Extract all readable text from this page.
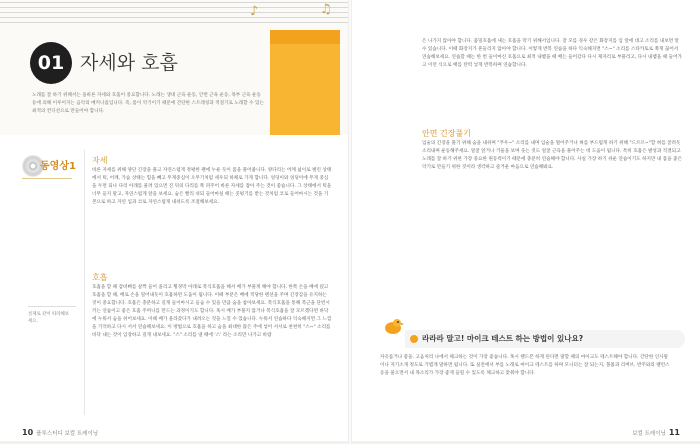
♪	♫
01 자세와 호흡

노래를 잘 하기 위해서는 올바른 자세와 호흡이 중요합니다. 노래는 생대 근육 운동, 안면 근육 운동, 목부 근육 운동 등에 의해 이루어지는 음악의 매커니즘입니다. 즉, 몸이 악기이기 때문에 간단한 스트레칭과 적절기로 노래할 수 있는 최적의 컨디션으로 만들어야 합니다.

동영상1

실제로 같이 따라해보세요.

자세

바른 자세를 위해 양단 긴장을 풀고 자연스럽게 정평한 팬에 누운 듯이 몸을 풀어줍니다. 양다리는 어깨 넓이로 벌린 상태에서 턱, 어깨, 가슴 상태는 힘을 빼고 무게중심이 오무기처럼 세우되 하체로 가게 합니다. 엉덩이와 엉덩이에 무게 중심을 두면 되나 다리 아래를 물려 있으면 진 뒤의 다리를 쭉 펴주어 바른 자세를 잡아 주는 것이 좋습니다. 그 상태에서 턱을 너무 들지 말고, 자연스럽게 앞을 보세요. 숨은 빨리 쉬되 들어마실 때는 콧평기를 받는 것처럼 코로 들어마시는 것을 기본으로 하고 자연 입과 코로 자연스럽게 내쉬도록 조절해보세요.

호흡

호흡을 할 때 갑비뼈를 살짝 들어 올리고 횡경막 아래로 복식호흡을 해서 배가 부풀게 해야 합니다. 한쪽 손을 배에 얹고 호흡을 할 때, 배로 손을 밀어내듯이 호흡하면 도움이 됩니다. 이때 부분은 배에 적당한 텐션을 주며 긴장감을 유지하는 것이 중요합니다. 호흡은 충분하고 길게 들이마시고 들숨 수 있을 만큼 숨을 참아보세요. 복식호흡을 통해 복근을 단련시키는 연습이고 좋은 호흡 주머니를 만드는 과정이기도 합니다. 혹시 배가 부풀지 않거나 복식호흡을 잘 모르겠다면 바닥에 누워서 숨을 쉬어보세요. 이때 배가 올라갔다가 내려오는 것을 느낄 수 있습니다. 누워서 연습하다 익숙해지면 그 느낌을 기억하고 다시 서서 연습해보세요. 이 방법으로 호흡을 하고 숨을 최대한 많은 주에 넣어 서서로 천천히 "스~" 소리를 바닥 내는 것이 입장하고 길게 내보세요. "스" 소리를 낼 때에 '스' 라는 소리만 나가고 바람

10 플루스터디 보컬 트레이닝

은 나가지 않아야 합니다. 품밀호흡에 새는 호흡을 막기 위해서입니다. 잘 모를 경우 같은 화장지를 입 앞에 대고 소리를 내보면 알 수 있습니다. 이때 화장지가 흔들리지 않아야 합니다. 이렇게 반복 연습을 하다 익숙해지면 "스~" 소리를 스타카토로 쭉게 끊어서 연습해보세요. 연습할 때는 한 번 들이마신 호흡으로 최적 내뱉을 때 배는 들어갔다 다시 제자리로 부풀리고, 다시 내뱉을 때 들어가고 이런 식으로 배를 탄력 넣게 반복하며 연습합니다.

안면 긴장풀기

입술의 긴장을 풀기 위해 숨을 내쉬며 "푸우~" 소리를 내며 입술을 떨어주거나 혀를 부드럽게 하기 위해 "드르르~"할 혀를 굴려듯 소리내며 운동해주세요. 얼굴 앞거나 거울을 보며 웃는 것도 얼굴 근육을 풀어주는 데 도움이 됩니다. 특히 호흡은 발성과 직결되고 노래를 잘 하기 위한 가장 중요한 원동력이기 때문에 충분히 연습해야 합니다. 사실 가장 하기 쉬운 연습이기도 하지만 내 몸을 좋은 악기로 만들기 위한 것이라 생각하고 즐거운 마음으로 연습해봐요.

라라라 말고! 마이크 테스트 하는 방법이 있나요?

자유롭거나 좋을. 고음처리 나에서 체크하는 것이 가장 좋습니다. 혹시 핸드폰 하게 된다면 말할 때의 마이크도 테스트해야 합니다. 간단한 인사말이나 자기소개 정도로 가볍게 말하면 됩니다. 또 실전에서 부를 노래로 마이크 테스트를 하며 모니터는 잘 되는지, 볼륨과 리버브, 반주와의 밸런스 등을 물으면서 내 목소리가 가장 좋게 들릴 수 있도록 체크하고 맞춰야 합니다.

보컬 트레이닝 11
